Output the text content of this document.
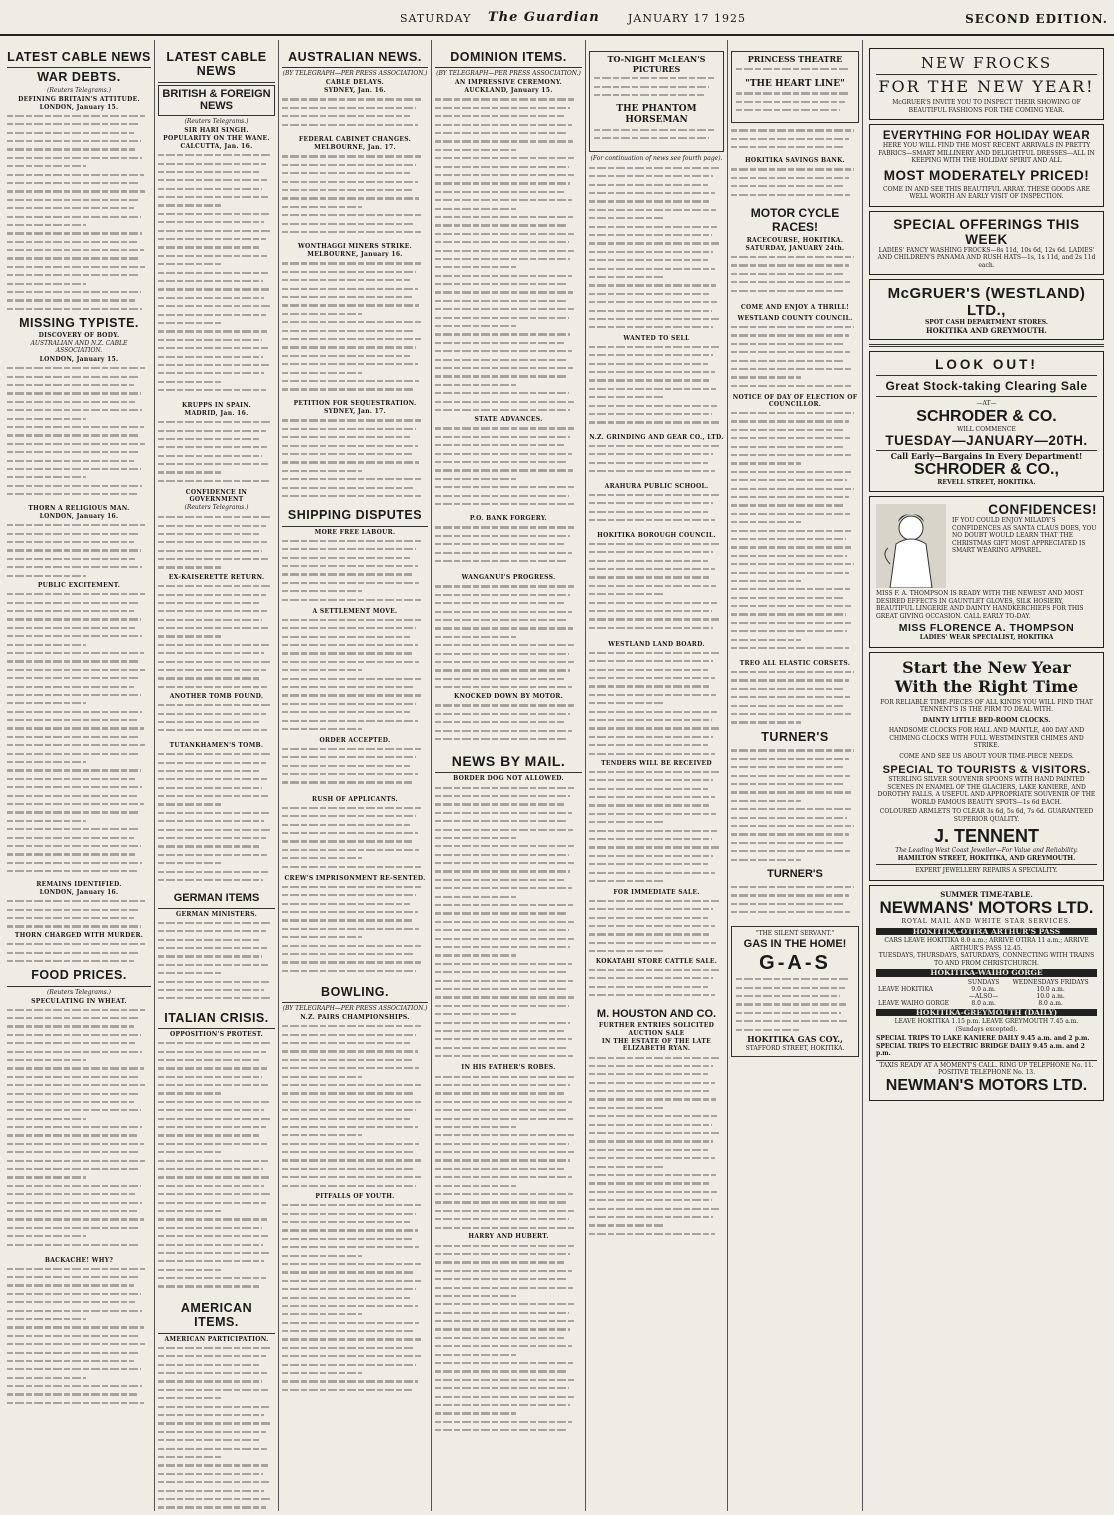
SATURDAY The Guardian	JANUARY 17 1925	SECOND EDITION.
LATEST CABLE NEWS
WAR DEBTS.
(Reuters Telegrams.)
DEFINING BRITAIN'S ATTITUDE.
LONDON, January 15.
MISSING TYPISTE.
DISCOVERY OF BODY.
AUSTRALIAN AND N.Z. CABLE ASSOCIATION.
LONDON, January 15.
THORN A RELIGIOUS MAN.
LONDON, January 16.
PUBLIC EXCITEMENT.
REMAINS IDENTIFIED.
LONDON, January 16.
THORN CHARGED WITH MURDER.
FOOD PRICES.
(Reuters Telegrams.)
SPECULATING IN WHEAT.
BACKACHE! WHY?
LATEST CABLE NEWS
BRITISH & FOREIGN NEWS
(Reuters Telegrams.)
SIR HARI SINGH.
POPULARITY ON THE WANE.
CALCUTTA, Jan. 16.
KRUPPS IN SPAIN.
MADRID, Jan. 16.
CONFIDENCE IN GOVERNMENT
(Reuters Telegrams.)
EX-KAISERETTE RETURN.
ANOTHER TOMB FOUND.
TUTANKHAMEN'S TOMB.
GERMAN ITEMS
GERMAN MINISTERS.
ITALIAN CRISIS.
OPPOSITION'S PROTEST.
AMERICAN ITEMS.
AMERICAN PARTICIPATION.
AUSTRALIAN NEWS.
(BY TELEGRAPH—PER PRESS ASSOCIATION.)
CABLE DELAYS.
SYDNEY, Jan. 16.
FEDERAL CABINET CHANGES.
MELBOURNE, Jan. 17.
WONTHAGGI MINERS STRIKE.
MELBOURNE, January 16.
PETITION FOR SEQUESTRATION.
SYDNEY, Jan. 17.
SHIPPING DISPUTES
MORE FREE LABOUR.
A SETTLEMENT MOVE.
ORDER ACCEPTED.
RUSH OF APPLICANTS.
CREW'S IMPRISONMENT RE-SENTED.
BOWLING.
(BY TELEGRAPH—PER PRESS ASSOCIATION.)
N.Z. PAIRS CHAMPIONSHIPS.
PITFALLS OF YOUTH.
DOMINION ITEMS.
(BY TELEGRAPH—PER PRESS ASSOCIATION.)
AN IMPRESSIVE CEREMONY.
AUCKLAND, January 15.
STATE ADVANCES.
P.O. BANK FORGERY.
WANGANUI'S PROGRESS.
KNOCKED DOWN BY MOTOR.
NEWS BY MAIL.
BORDER DOG NOT ALLOWED.
IN HIS FATHER'S ROBES.
HARRY AND HUBERT.
TO-NIGHT McLEAN'S PICTURES
THE PHANTOM HORSEMAN
(For continuation of news see fourth page).
WANTED TO SELL
N.Z. GRINDING AND GEAR CO., LTD.
ARAHURA PUBLIC SCHOOL.
HOKITIKA BOROUGH COUNCIL.
WESTLAND LAND BOARD.
TENDERS WILL BE RECEIVED
FOR IMMEDIATE SALE.
KOKATAHI STORE CATTLE SALE.
M. HOUSTON AND CO.
FURTHER ENTRIES SOLICITED
AUCTION SALE
IN THE ESTATE OF THE LATE ELIZABETH RYAN.
PRINCESS THEATRE
"THE HEART LINE"
HOKITIKA SAVINGS BANK.
MOTOR CYCLE RACES!
RACECOURSE, HOKITIKA.
SATURDAY, JANUARY 24th.
COME AND ENJOY A THRILL!
WESTLAND COUNTY COUNCIL.
NOTICE OF DAY OF ELECTION OF COUNCILLOR.
TREO ALL ELASTIC CORSETS.
TURNER'S
TURNER'S
"THE SILENT SERVANT."
GAS IN THE HOME!
G-A-S
HOKITIKA GAS COY.,
STAFFORD STREET, HOKITIKA.
NEW FROCKS
FOR THE NEW YEAR!
McGRUER'S INVITE YOU TO INSPECT THEIR SHOWING OF BEAUTIFUL FASHIONS FOR THE COMING YEAR.
EVERYTHING FOR HOLIDAY WEAR
HERE YOU WILL FIND THE MOST RECENT ARRIVALS IN PRETTY FABRICS—SMART MILLINERY AND DELIGHTFUL DRESSES—ALL IN KEEPING WITH THE HOLIDAY SPIRIT AND ALL
MOST MODERATELY PRICED!
COME IN AND SEE THIS BEAUTIFUL ARRAY. THESE GOODS ARE WELL WORTH AN EARLY VISIT OF INSPECTION.
SPECIAL OFFERINGS THIS WEEK
LADIES' FANCY WASHING FROCKS—8s 11d, 10s 6d, 12s 6d. LADIES' AND CHILDREN'S PANAMA AND RUSH HATS—1s, 1s 11d, and 2s 11d each.
McGRUER'S (WESTLAND) LTD.,
SPOT CASH DEPARTMENT STORES.
HOKITIKA AND GREYMOUTH.
LOOK OUT!
Great Stock-taking Clearing Sale
—AT—
SCHRODER & CO.
WILL COMMENCE
TUESDAY—JANUARY—20TH.
Call Early—Bargains In Every Department!
SCHRODER & CO.,
REVELL STREET, HOKITIKA.
CONFIDENCES!
IF YOU COULD ENJOY MILADY'S CONFIDENCES AS SANTA CLAUS DOES, YOU NO DOUBT WOULD LEARN THAT THE CHRISTMAS GIFT MOST APPRECIATED IS SMART WEARING APPAREL.
MISS F. A. THOMPSON IS READY WITH THE NEWEST AND MOST DESIRED EFFECTS IN GAUNTLET GLOVES, SILK HOSIERY, BEAUTIFUL LINGERIE AND DAINTY HANDKERCHIEFS FOR THIS GREAT GIVING OCCASION. CALL EARLY TO-DAY.
MISS FLORENCE A. THOMPSON
LADIES' WEAR SPECIALIST, HOKITIKA
Start the New Year
With the Right Time
FOR RELIABLE TIME-PIECES OF ALL KINDS YOU WILL FIND THAT TENNENT'S IS THE FIRM TO DEAL WITH.
DAINTY LITTLE BED-ROOM CLOCKS.
HANDSOME CLOCKS FOR HALL AND MANTLE, 400 DAY AND CHIMING CLOCKS WITH FULL WESTMINSTER CHIMES AND STRIKE.
COME AND SEE US ABOUT YOUR TIME-PIECE NEEDS.
SPECIAL TO TOURISTS & VISITORS.
STERLING SILVER SOUVENIR SPOONS WITH HAND PAINTED SCENES IN ENAMEL OF THE GLACIERS, LAKE KANIERE, AND DOROTHY FALLS. A USEFUL AND APPROPRIATE SOUVENIR OF THE WORLD FAMOUS BEAUTY SPOTS—1s 6d EACH.
COLOURED ARMLETS TO CLEAR 3s 6d, 5s 6d, 7s 6d. GUARANTEED SUPERIOR QUALITY.
J. TENNENT
The Leading West Coast Jeweller—For Value and Reliability.
HAMILTON STREET, HOKITIKA, AND GREYMOUTH.
EXPERT JEWELLERY REPAIRS A SPECIALITY.
SUMMER TIME-TABLE.
NEWMANS' MOTORS LTD.
ROYAL MAIL AND WHITE STAR SERVICES.
HOKITIKA-OTIRA ARTHUR'S PASS
CARS LEAVE HOKITIKA 8.0 a.m.; ARRIVE OTIRA 11 a.m.; ARRIVE ARTHUR'S PASS 12.45.
TUESDAYS, THURSDAYS, SATURDAYS, CONNECTING WITH TRAINS TO AND FROM CHRISTCHURCH.
HOKITIKA-WAIHO GORGE
	SUNDAYS	WEDNESDAYS FRIDAYS
LEAVE HOKITIKA	9.0 a.m.	10.0 a.m.
	—ALSO—	10.0 a.m.
LEAVE WAIHO GORGE	8.0 a.m.	8.0 a.m.
HOKITIKA-GREYMOUTH (DAILY)
LEAVE HOKITIKA 1.15 p.m. LEAVE GREYMOUTH 7.45 a.m.
(Sundays excepted).
SPECIAL TRIPS TO LAKE KANIERE DAILY 9.45 a.m. and 2 p.m.
SPECIAL TRIPS TO ELECTRIC BRIDGE DAILY 9.45 a.m. and 2 p.m.
TAXIS READY AT A MOMENT'S CALL. RING UP TELEPHONE No. 11. POSITIVE TELEPHONE No. 13.
NEWMAN'S MOTORS LTD.
